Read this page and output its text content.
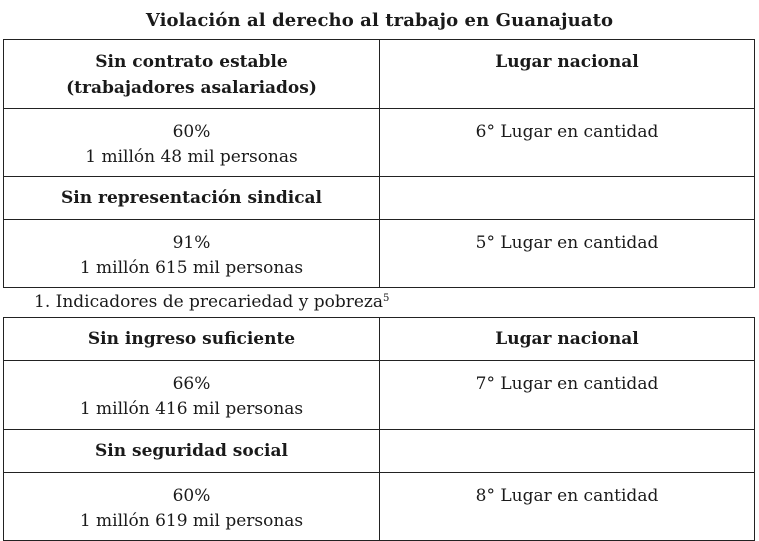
Violación al derecho al trabajo en Guanajuato
Sin contrato estable
(trabajadores asalariados)	Lugar nacional

60%
1 millón 48 mil personas	6° Lugar en cantidad

Sin representación sindical	

91%
1 millón 615 mil personas	5° Lugar en cantidad
1. Indicadores de precariedad y pobreza$^5$
Sin ingreso suficiente	Lugar nacional

66%
1 millón 416 mil personas	7° Lugar en cantidad

Sin seguridad social	

60%
1 millón 619 mil personas	8° Lugar en cantidad
